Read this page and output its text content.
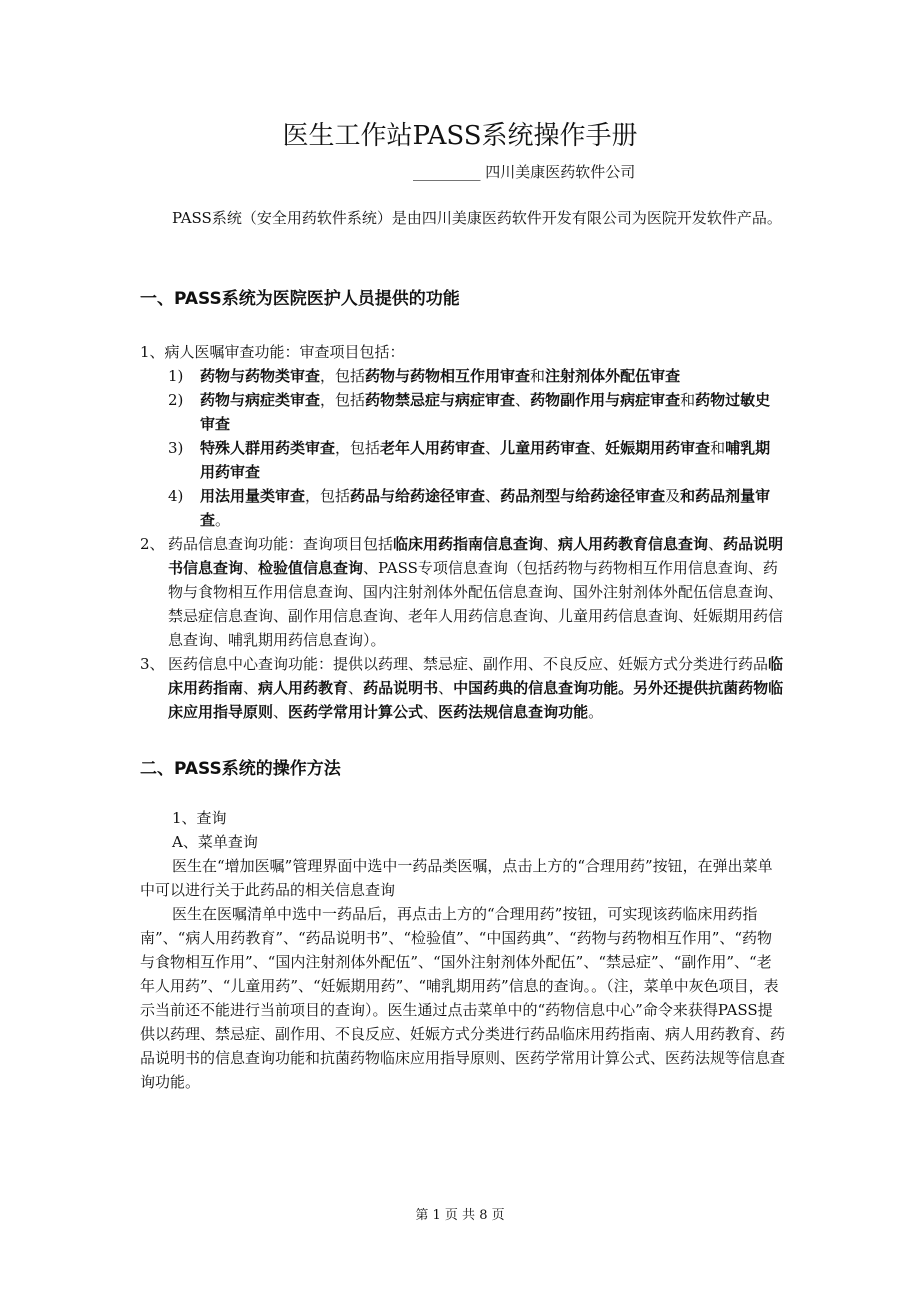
医生工作站PASS系统操作手册
_________ 四川美康医药软件公司

PASS系统（安全用药软件系统）是由四川美康医药软件开发有限公司为医院开发软件产品。

一、PASS系统为医院医护人员提供的功能
1、病人医嘱审查功能：审查项目包括：
1)	药物与药物类审查，包括药物与药物相互作用审查和注射剂体外配伍审查
2)	药物与病症类审查，包括药物禁忌症与病症审查、药物副作用与病症审查和药物过敏史审查
3)	特殊人群用药类审查，包括老年人用药审查、儿童用药审查、妊娠期用药审查和哺乳期用药审查
4)	用法用量类审查，包括药品与给药途径审查、药品剂型与给药途径审查及和药品剂量审查。
2、 药品信息查询功能：查询项目包括临床用药指南信息查询、病人用药教育信息查询、药品说明书信息查询、检验值信息查询、PASS专项信息查询（包括药物与药物相互作用信息查询、药物与食物相互作用信息查询、国内注射剂体外配伍信息查询、国外注射剂体外配伍信息查询、禁忌症信息查询、副作用信息查询、老年人用药信息查询、儿童用药信息查询、妊娠期用药信息查询、哺乳期用药信息查询）。
3、 医药信息中心查询功能：提供以药理、禁忌症、副作用、不良反应、妊娠方式分类进行药品临床用药指南、病人用药教育、药品说明书、中国药典的信息查询功能。另外还提供抗菌药物临床应用指导原则、医药学常用计算公式、医药法规信息查询功能。
二、PASS系统的操作方法
1、查询
A、菜单查询

医生在“增加医嘱”管理界面中选中一药品类医嘱，点击上方的“合理用药”按钮，在弹出菜单中可以进行关于此药品的相关信息查询

医生在医嘱清单中选中一药品后，再点击上方的“合理用药”按钮，可实现该药临床用药指南”、“病人用药教育”、“药品说明书”、“检验值”、“中国药典”、“药物与药物相互作用”、“药物与食物相互作用”、“国内注射剂体外配伍”、“国外注射剂体外配伍”、“禁忌症”、“副作用”、“老年人用药”、“儿童用药”、“妊娠期用药”、“哺乳期用药”信息的查询。。（注，菜单中灰色项目，表示当前还不能进行当前项目的查询）。医生通过点击菜单中的“药物信息中心”命令来获得PASS提供以药理、禁忌症、副作用、不良反应、妊娠方式分类进行药品临床用药指南、病人用药教育、药品说明书的信息查询功能和抗菌药物临床应用指导原则、医药学常用计算公式、医药法规等信息查询功能。

第 1 页 共 8 页
